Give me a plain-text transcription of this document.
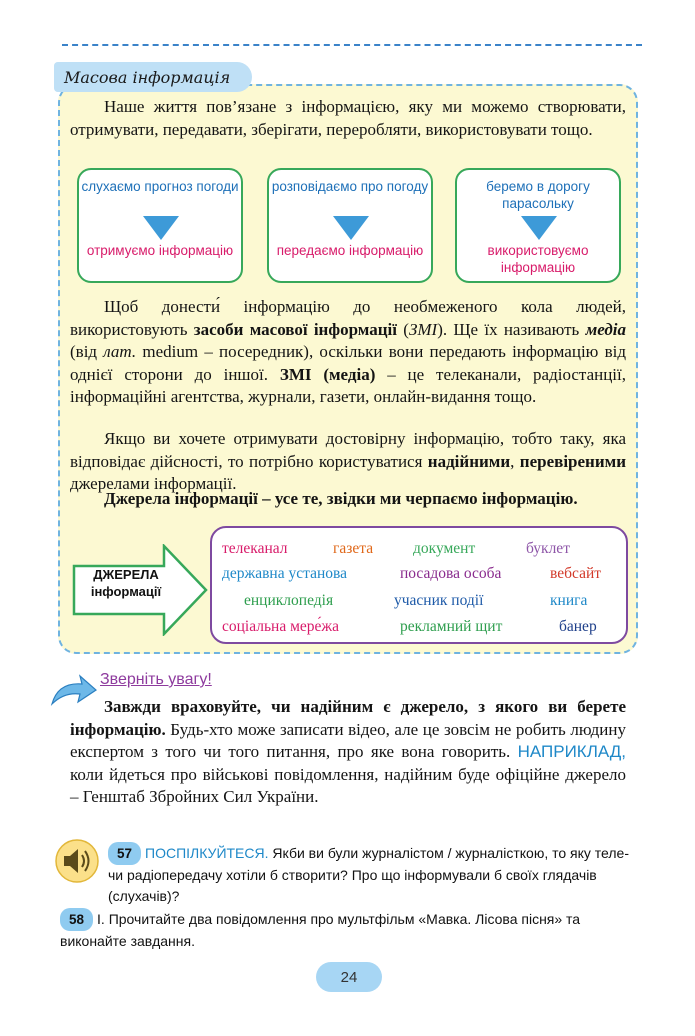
Масова інформація

Наше життя пов’язане з інформацією, яку ми можемо створювати, отримувати, передавати, зберігати, переробляти, використовувати тощо.

слухаємо прогноз погоди
отримуємо інформацію
розповідаємо про погоду
передаємо інформацію
беремо в дорогу парасольку
використовуємо інформацію

Щоб донести́ інформацію до необмеженого кола людей, використовують засоби масової інформації (ЗМІ). Ще їх називають медіа (від лат. medium – посередник), оскільки вони передають інформацію від однієї сторони до іншої. ЗМІ (медіа) – це телеканали, радіостанції, інформаційні агентства, журнали, газети, онлайн-видання тощо.

Якщо ви хочете отримувати достовірну інформацію, тобто таку, яка відповідає дійсності, то потрібно користуватися надійними, перевіреними джерелами інформації.

Джерела інформації – усе те, звідки ми черпаємо інформацію.

ДЖЕРЕЛА інформації
телеканал	газета	документ	буклет
державна установа	посадова особа	вебсайт
енциклопедія	учасник події	книга
соціальна мере́жа	рекламний щит	банер
Зверніть увагу!

Завжди враховуйте, чи надійним є джерело, з якого ви берете інформацію. Будь-хто може записати відео, але це зовсім не робить людину експертом з того чи того питання, про яке вона говорить. НАПРИКЛАД, коли йдеться про військові повідомлення, надійним буде офіційне джерело – Генштаб Збройних Сил України.

57 ПОСПІЛКУЙТЕСЯ. Якби ви були журналістом / журналісткою, то яку теле- чи радіопередачу хотіли б створити? Про що інформували б своїх глядачів (слухачів)?

58 І. Прочитайте два повідомлення про мультфільм «Мавка. Лісова пісня» та виконайте завдання.

24
